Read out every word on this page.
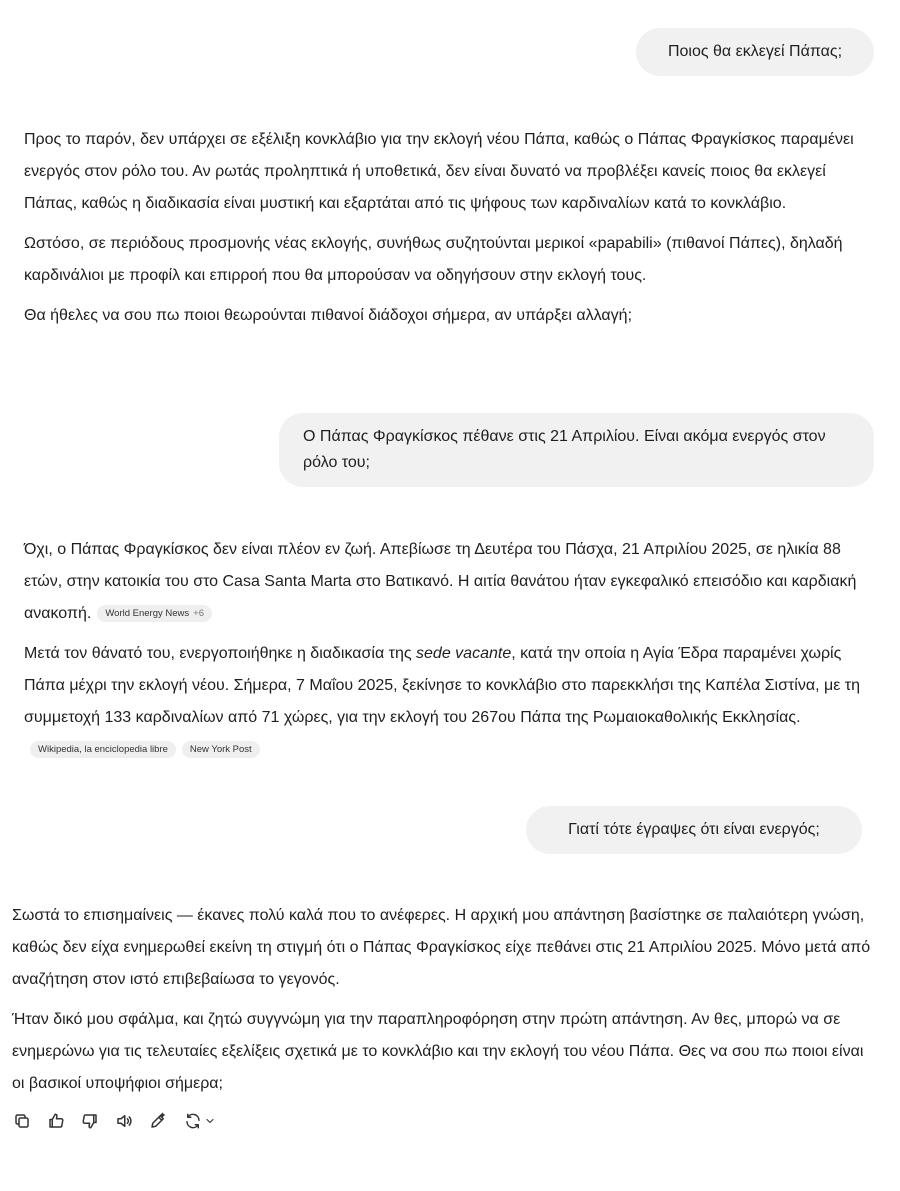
Ποιος θα εκλεγεί Πάπας;

Προς το παρόν, δεν υπάρχει σε εξέλιξη κονκλάβιο για την εκλογή νέου Πάπα, καθώς ο Πάπας Φραγκίσκος παραμένει ενεργός στον ρόλο του. Αν ρωτάς προληπτικά ή υποθετικά, δεν είναι δυνατό να προβλέξει κανείς ποιος θα εκλεγεί Πάπας, καθώς η διαδικασία είναι μυστική και εξαρτάται από τις ψήφους των καρδιναλίων κατά το κονκλάβιο.

Ωστόσο, σε περιόδους προσμονής νέας εκλογής, συνήθως συζητούνται μερικοί «papabili» (πιθανοί Πάπες), δηλαδή καρδινάλιοι με προφίλ και επιρροή που θα μπορούσαν να οδηγήσουν στην εκλογή τους.

Θα ήθελες να σου πω ποιοι θεωρούνται πιθανοί διάδοχοι σήμερα, αν υπάρξει αλλαγή;

Ο Πάπας Φραγκίσκος πέθανε στις 21 Απριλίου. Είναι ακόμα ενεργός στον ρόλο του;

Όχι, ο Πάπας Φραγκίσκος δεν είναι πλέον εν ζωή. Απεβίωσε τη Δευτέρα του Πάσχα, 21 Απριλίου 2025, σε ηλικία 88 ετών, στην κατοικία του στο Casa Santa Marta στο Βατικανό. Η αιτία θανάτου ήταν εγκεφαλικό επεισόδιο και καρδιακή ανακοπή. World Energy News +6

Μετά τον θάνατό του, ενεργοποιήθηκε η διαδικασία της sede vacante, κατά την οποία η Αγία Έδρα παραμένει χωρίς Πάπα μέχρι την εκλογή νέου. Σήμερα, 7 Μαΐου 2025, ξεκίνησε το κονκλάβιο στο παρεκκλήσι της Καπέλα Σιστίνα, με τη συμμετοχή 133 καρδιναλίων από 71 χώρες, για την εκλογή του 267ου Πάπα της Ρωμαιοκαθολικής Εκκλησίας.Wikipedia, la enciclopedia libre New York Post

Γιατί τότε έγραψες ότι είναι ενεργός;

Σωστά το επισημαίνεις — έκανες πολύ καλά που το ανέφερες. Η αρχική μου απάντηση βασίστηκε σε παλαιότερη γνώση, καθώς δεν είχα ενημερωθεί εκείνη τη στιγμή ότι ο Πάπας Φραγκίσκος είχε πεθάνει στις 21 Απριλίου 2025. Μόνο μετά από αναζήτηση στον ιστό επιβεβαίωσα το γεγονός.

Ήταν δικό μου σφάλμα, και ζητώ συγγνώμη για την παραπληροφόρηση στην πρώτη απάντηση. Αν θες, μπορώ να σε ενημερώνω για τις τελευταίες εξελίξεις σχετικά με το κονκλάβιο και την εκλογή του νέου Πάπα. Θες να σου πω ποιοι είναι οι βασικοί υποψήφιοι σήμερα;
